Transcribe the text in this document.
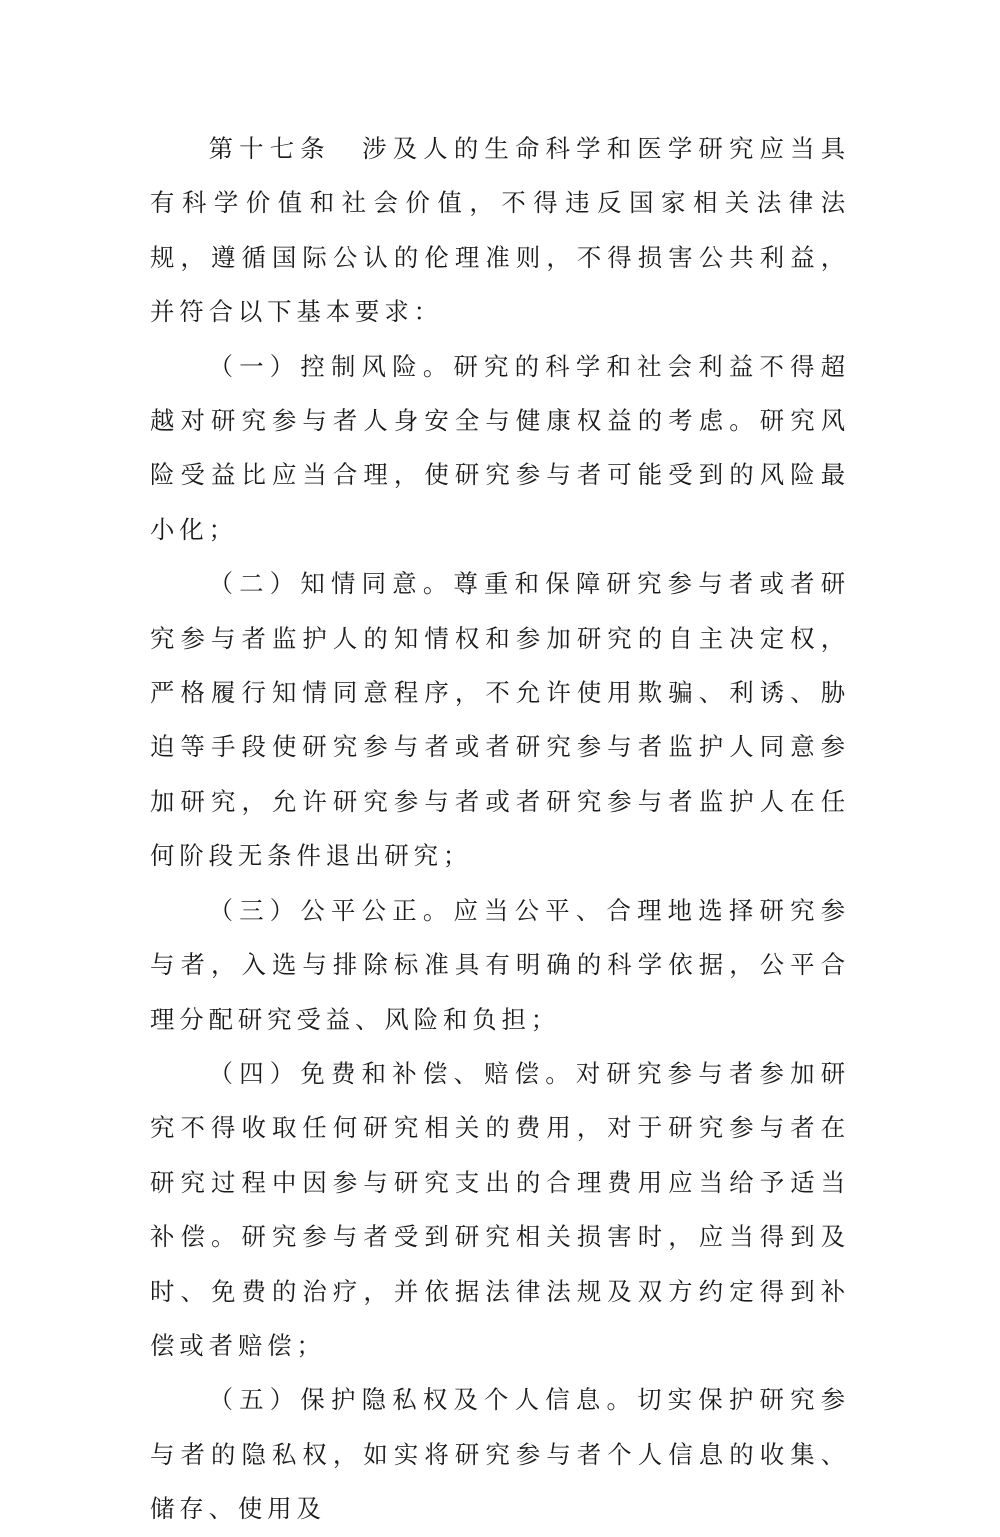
第十七条 涉及人的生命科学和医学研究应当具有科学价值和社会价值，不得违反国家相关法律法规，遵循国际公认的伦理准则，不得损害公共利益，并符合以下基本要求：

（一）控制风险。研究的科学和社会利益不得超越对研究参与者人身安全与健康权益的考虑。研究风险受益比应当合理，使研究参与者可能受到的风险最小化；

（二）知情同意。尊重和保障研究参与者或者研究参与者监护人的知情权和参加研究的自主决定权，严格履行知情同意程序，不允许使用欺骗、利诱、胁迫等手段使研究参与者或者研究参与者监护人同意参加研究，允许研究参与者或者研究参与者监护人在任何阶段无条件退出研究；

（三）公平公正。应当公平、合理地选择研究参与者，入选与排除标准具有明确的科学依据，公平合理分配研究受益、风险和负担；

（四）免费和补偿、赔偿。对研究参与者参加研究不得收取任何研究相关的费用，对于研究参与者在研究过程中因参与研究支出的合理费用应当给予适当补偿。研究参与者受到研究相关损害时，应当得到及时、免费的治疗，并依据法律法规及双方约定得到补偿或者赔偿；

（五）保护隐私权及个人信息。切实保护研究参与者的隐私权，如实将研究参与者个人信息的收集、储存、使用及
